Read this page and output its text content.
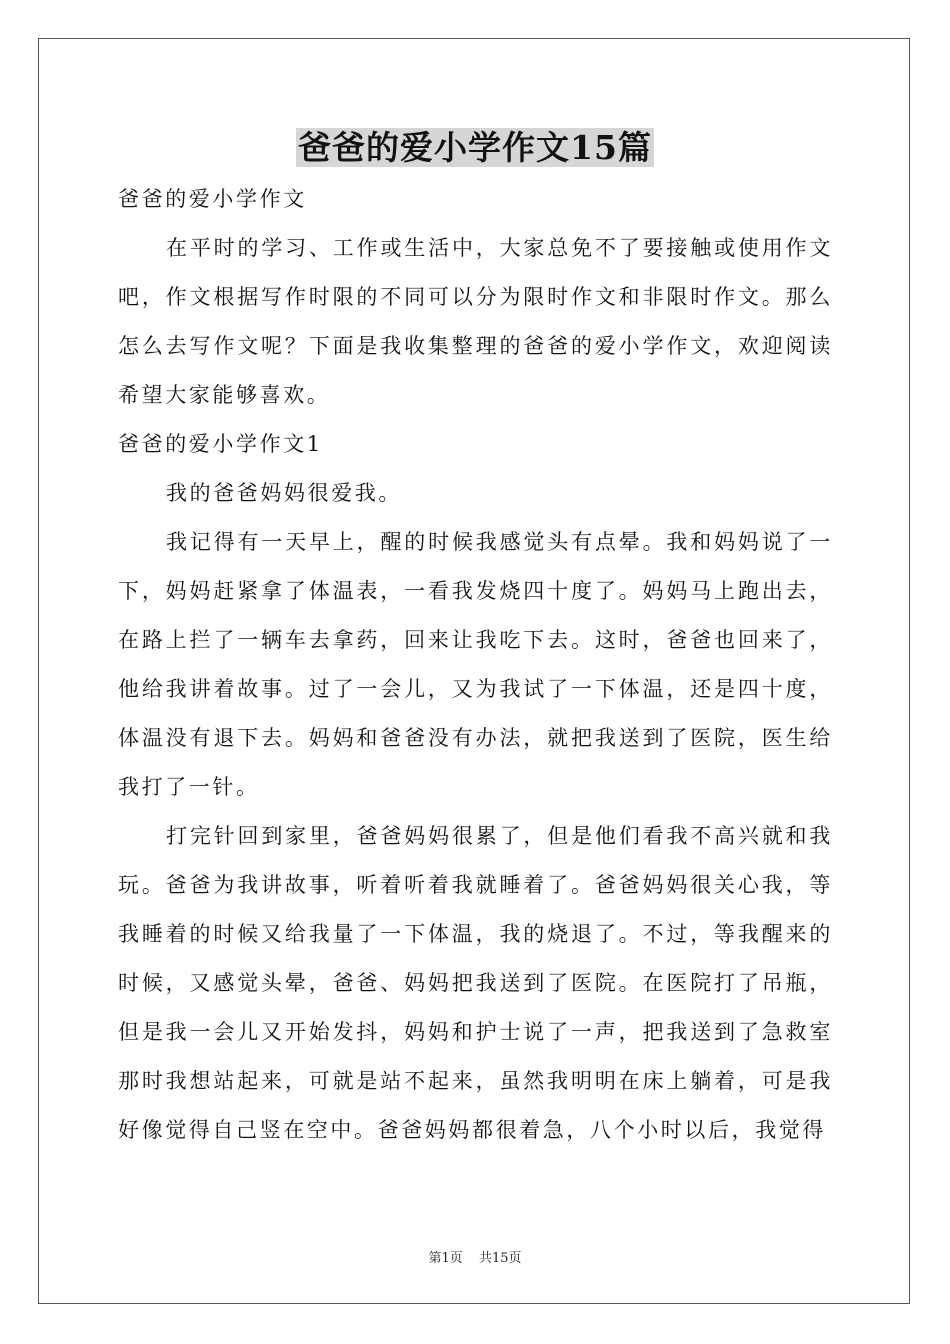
爸爸的爱小学作文15篇
爸爸的爱小学作文

在平时的学习、工作或生活中，大家总免不了要接触或使用作文吧，作文根据写作时限的不同可以分为限时作文和非限时作文。那么怎么去写作文呢？下面是我收集整理的爸爸的爱小学作文，欢迎阅读希望大家能够喜欢。

爸爸的爱小学作文1

我的爸爸妈妈很爱我。

我记得有一天早上，醒的时候我感觉头有点晕。我和妈妈说了一下，妈妈赶紧拿了体温表，一看我发烧四十度了。妈妈马上跑出去，在路上拦了一辆车去拿药，回来让我吃下去。这时，爸爸也回来了，他给我讲着故事。过了一会儿，又为我试了一下体温，还是四十度，体温没有退下去。妈妈和爸爸没有办法，就把我送到了医院，医生给我打了一针。

打完针回到家里，爸爸妈妈很累了，但是他们看我不高兴就和我玩。爸爸为我讲故事，听着听着我就睡着了。爸爸妈妈很关心我，等我睡着的时候又给我量了一下体温，我的烧退了。不过，等我醒来的时候，又感觉头晕，爸爸、妈妈把我送到了医院。在医院打了吊瓶，但是我一会儿又开始发抖，妈妈和护士说了一声，把我送到了急救室那时我想站起来，可就是站不起来，虽然我明明在床上躺着，可是我好像觉得自己竖在空中。爸爸妈妈都很着急，八个小时以后，我觉得

第1页 共15页
